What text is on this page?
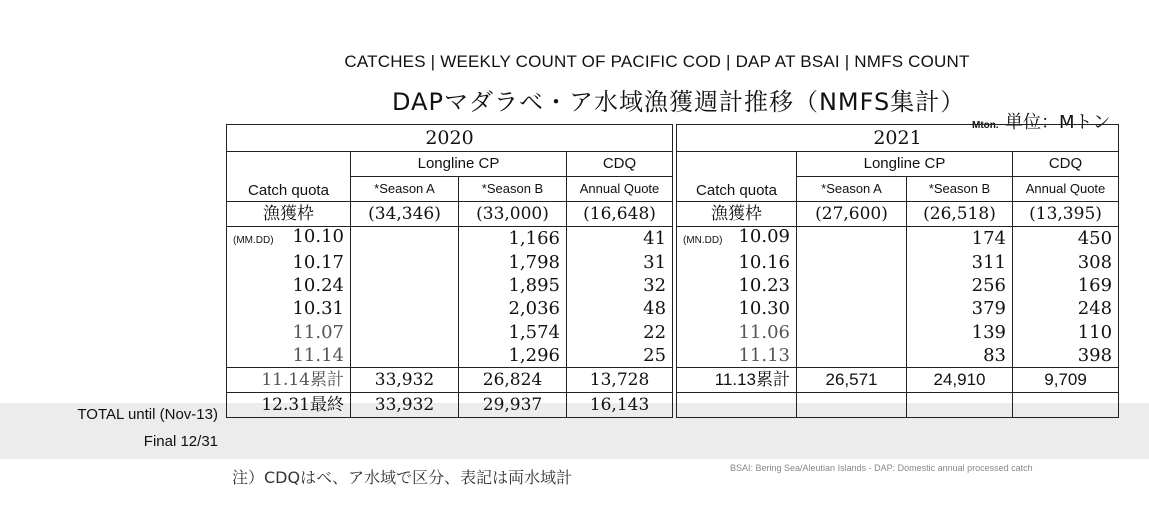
CATCHES | WEEKLY COUNT OF PACIFIC COD | DAP AT BSAI | NMFS COUNT
DAPマダラベ・ア水域漁獲週計推移（NMFS集計）
Mton. 単位：Mトン
TOTAL until (Nov-13)
Final 12/31
2020			
Catch quota	Longline CP		CDQ
	*Season A	*Season B	Annual Quote
漁獲枠	(34,346)	(33,000)	(16,648)

(MM.DD) 10.10		1,166	41
10.17		1,798	31
10.24		1,895	32
10.31		2,036	48
11.07		1,574	22
11.14		1,296	25
11.14累計	33,932	26,824	13,728
12.31最終	33,932	29,937	16,143
2021			
Catch quota	Longline CP		CDQ
	*Season A	*Season B	Annual Quote
漁獲枠	(27,600)	(26,518)	(13,395)

(MN.DD) 10.09		174	450
10.16		311	308
10.23		256	169
10.30		379	248
11.06		139	110
11.13		83	398
11.13累計	26,571	24,910	9,709

注）CDQはベ、ア水域で区分、表記は両水域計	BSAI: Bering Sea/Aleutian Islands - DAP: Domestic annual processed catch
